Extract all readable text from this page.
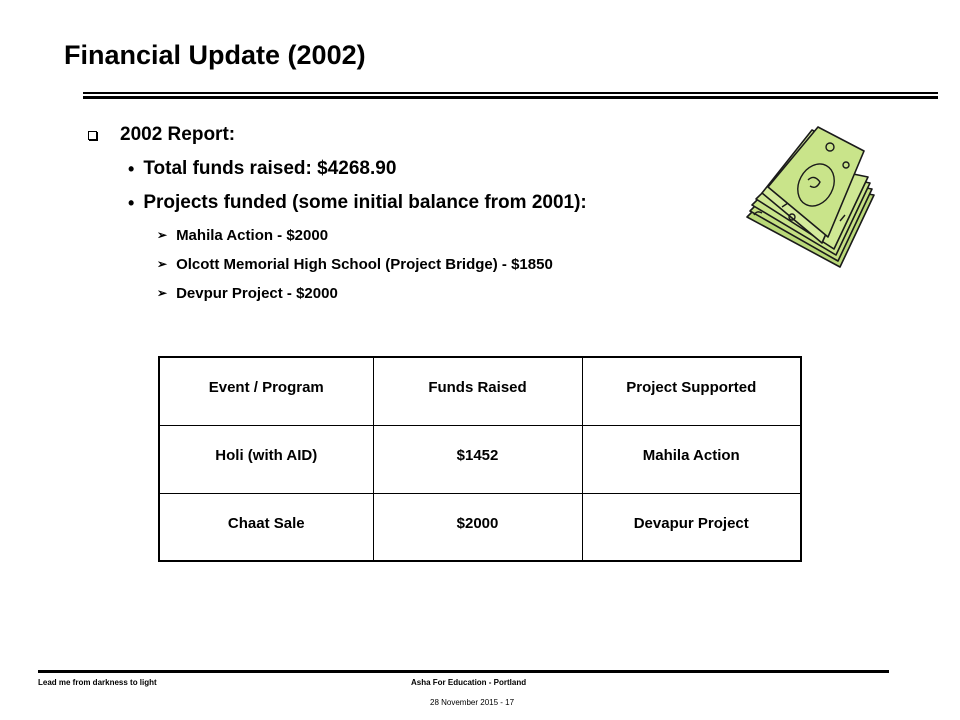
Financial Update (2002)
2002 Report:
• Total funds raised: $4268.90
• Projects funded (some initial balance from 2001):
➢ Mahila Action - $2000
➢ Olcott Memorial High School (Project Bridge) - $1850
➢ Devpur Project - $2000
Event / Program	Funds Raised	Project Supported
Holi (with AID)	$1452	Mahila Action
Chaat Sale	$2000	Devapur Project
Lead me from darkness to light	Asha For Education - Portland
28 November 2015 - 17
